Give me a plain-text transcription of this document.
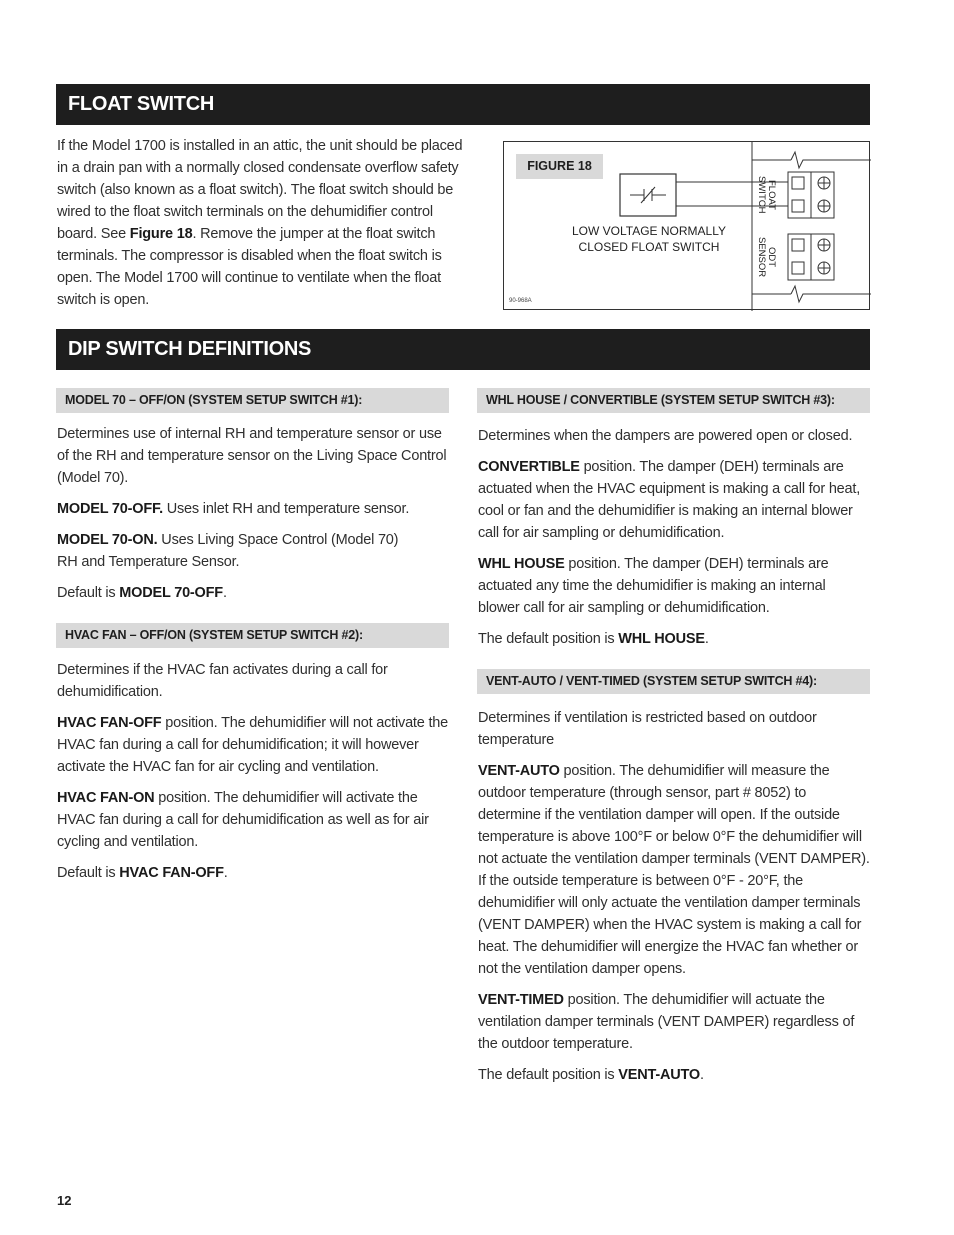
FLOAT SWITCH

If the Model 1700 is installed in an attic, the unit should be placed in a drain pan with a normally closed condensate overflow safety switch (also known as a float switch). The float switch should be wired to the float switch terminals on the dehumidifier control board. See Figure 18. Remove the jumper at the float switch terminals. The compressor is disabled when the float switch is open. The Model 1700 will continue to ventilate when the float switch is open.

FIGURE 18
FLOAT SWITCH
ODT SENSOR
LOW VOLTAGE NORMALLY
CLOSED FLOAT SWITCH
90-968A
DIP SWITCH DEFINITIONS
MODEL 70 – OFF/ON (SYSTEM SETUP SWITCH #1):

Determines use of internal RH and temperature sensor or use of the RH and temperature sensor on the Living Space Control (Model 70).

MODEL 70-OFF. Uses inlet RH and temperature sensor.

MODEL 70-ON. Uses Living Space Control (Model 70) RH and Temperature Sensor.

Default is MODEL 70-OFF.

HVAC FAN – OFF/ON (SYSTEM SETUP SWITCH #2):

Determines if the HVAC fan activates during a call for dehumidification.

HVAC FAN-OFF position. The dehumidifier will not activate the HVAC fan during a call for dehumidification; it will however activate the HVAC fan for air cycling and ventilation.

HVAC FAN-ON position. The dehumidifier will activate the HVAC fan during a call for dehumidification as well as for air cycling and ventilation.

Default is HVAC FAN-OFF.

WHL HOUSE / CONVERTIBLE (SYSTEM SETUP SWITCH #3):

Determines when the dampers are powered open or closed.

CONVERTIBLE position. The damper (DEH) terminals are actuated when the HVAC equipment is making a call for heat, cool or fan and the dehumidifier is making an internal blower call for air sampling or dehumidification.

WHL HOUSE position. The damper (DEH) terminals are actuated any time the dehumidifier is making an internal blower call for air sampling or dehumidification.

The default position is WHL HOUSE.

VENT-AUTO / VENT-TIMED (SYSTEM SETUP SWITCH #4):

Determines if ventilation is restricted based on outdoor temperature

VENT-AUTO position. The dehumidifier will measure the outdoor temperature (through sensor, part # 8052) to determine if the ventilation damper will open. If the outside temperature is above 100°F or below 0°F the dehumidifier will not actuate the ventilation damper terminals (VENT DAMPER). If the outside temperature is between 0°F - 20°F, the dehumidifier will only actuate the ventilation damper terminals (VENT DAMPER) when the HVAC system is making a call for heat. The dehumidifier will energize the HVAC fan whether or not the ventilation damper opens.

VENT-TIMED position. The dehumidifier will actuate the ventilation damper terminals (VENT DAMPER) regardless of the outdoor temperature.

The default position is VENT-AUTO.

12
